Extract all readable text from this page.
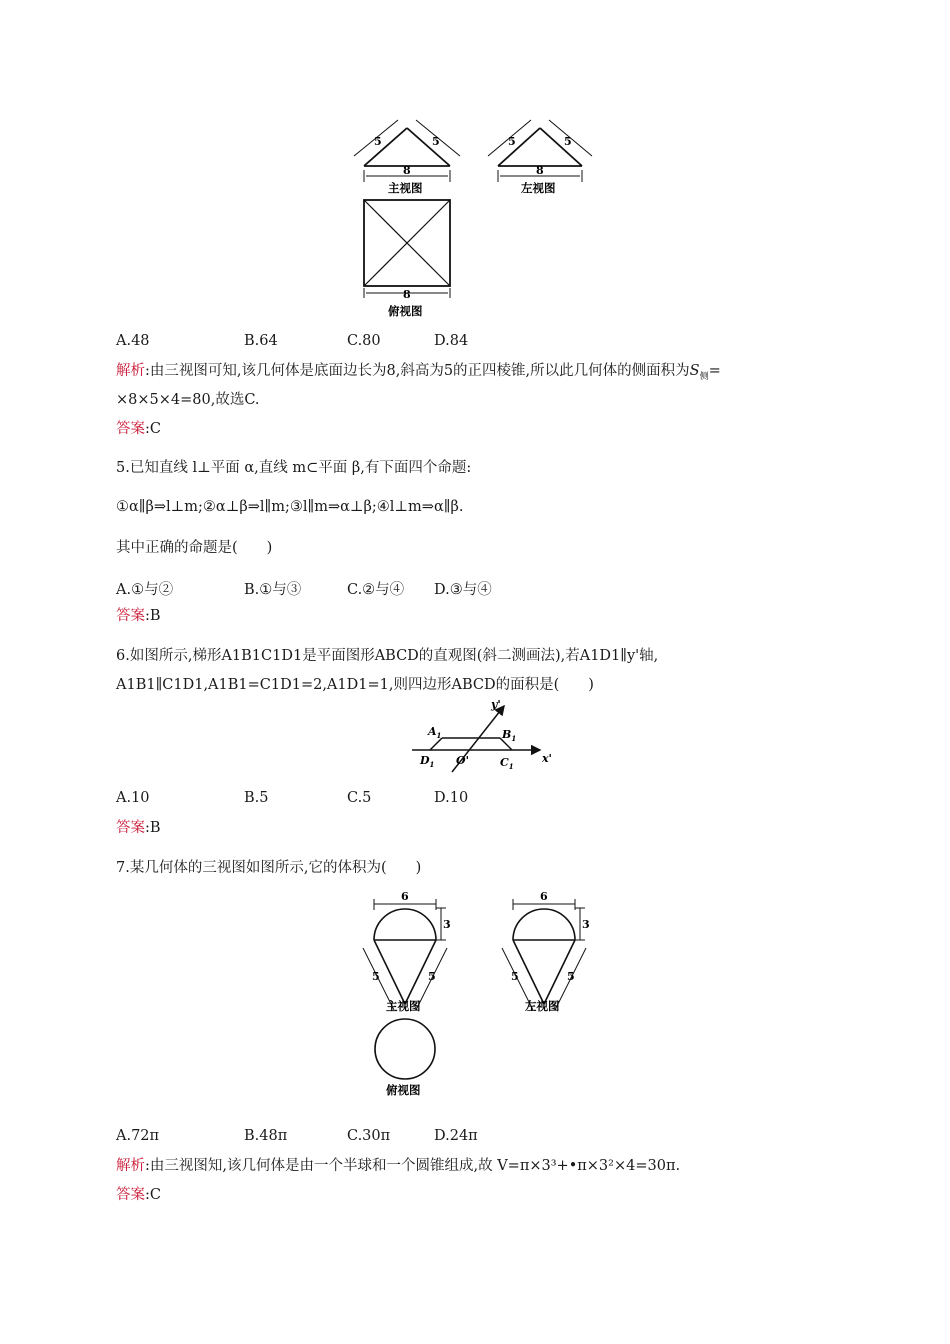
5	5
8
主视图
5	5
8
左视图
8
俯视图
A.48	B.64	C.80	D.84
解析:由三视图可知,该几何体是底面边长为8,斜高为5的正四棱锥,所以此几何体的侧面积为$S_侧=$
×8×5×4=80,故选C.
答案:C
5.已知直线 l⊥平面 α,直线 m⊂平面 β,有下面四个命题:
①α∥β⇒l⊥m;②α⊥β⇒l∥m;③l∥m⇒α⊥β;④l⊥m⇒α∥β.
其中正确的命题是(　　)
A.①与②	B.①与③	C.②与④ D.③与④
答案:B
6.如图所示,梯形A1B1C1D1是平面图形ABCD的直观图(斜二测画法),若A1D1∥y'轴,
A1B1∥C1D1,A1B1=C1D1=2,A1D1=1,则四边形ABCD的面积是(　　)
y'
x'
$A_1$	$B_1$
$D_1$ O'	$C_1$
A.10	B.5	C.5	D.10
答案:B
7.某几何体的三视图如图所示,它的体积为(　　)
6
3
5	5
主视图
6
3
5	5
左视图
俯视图
A.72π	B.48π	C.30π	D.24π
解析:由三视图知,该几何体是由一个半球和一个圆锥组成,故 V=π×3³+•π×3²×4=30π.
答案:C
